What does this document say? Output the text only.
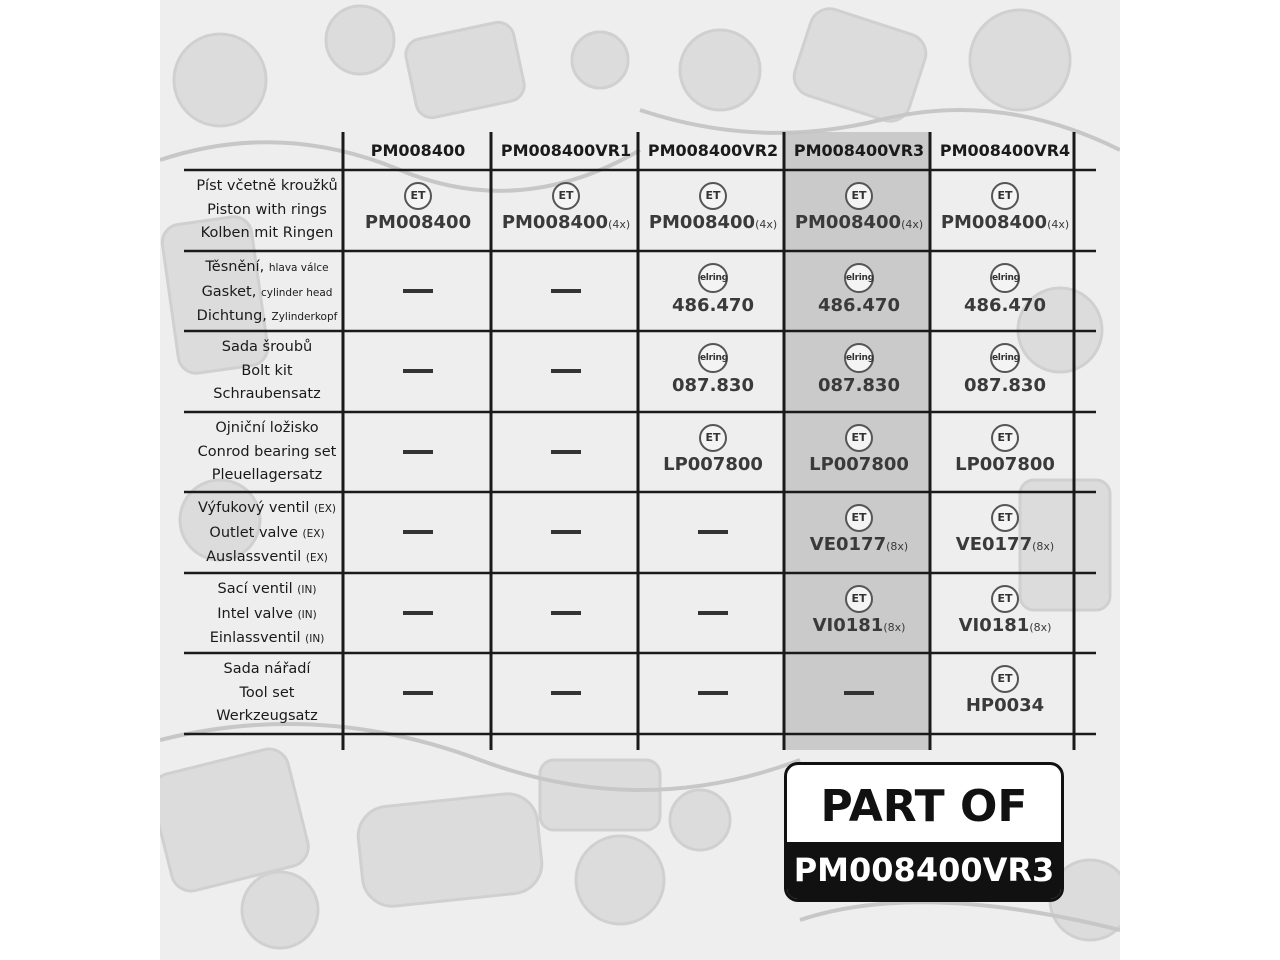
PM008400	PM008400VR1	PM008400VR2 PM008400VR3 PM008400VR4
Píst včetně kroužků
Piston with rings
Kolben mit Ringen
Těsnění, hlava válce
Gasket, cylinder head
Dichtung, Zylinderkopf
Sada šroubů
Bolt kit
Schraubensatz
Ojniční ložisko
Conrod bearing set
Pleuellagersatz
Výfukový ventil (EX)
Outlet valve (EX)
Auslassventil (EX)
Sací ventil (IN)
Intel valve (IN)
Einlassventil (IN)
Sada nářadí
Tool set
Werkzeugsatz
ET
PM008400
ET
PM008400(4x)
ET
PM008400(4x)
ET
PM008400(4x)
ET
PM008400(4x)
elring
486.470
elring
486.470
elring
486.470
elring
087.830
elring
087.830
elring
087.830
ET
LP007800
ET
LP007800
ET
LP007800
ET
VE0177(8x)
ET
VE0177(8x)
ET
VI0181(8x)
ET
VI0181(8x)
ET
HP0034
PART OF
PM008400VR3
